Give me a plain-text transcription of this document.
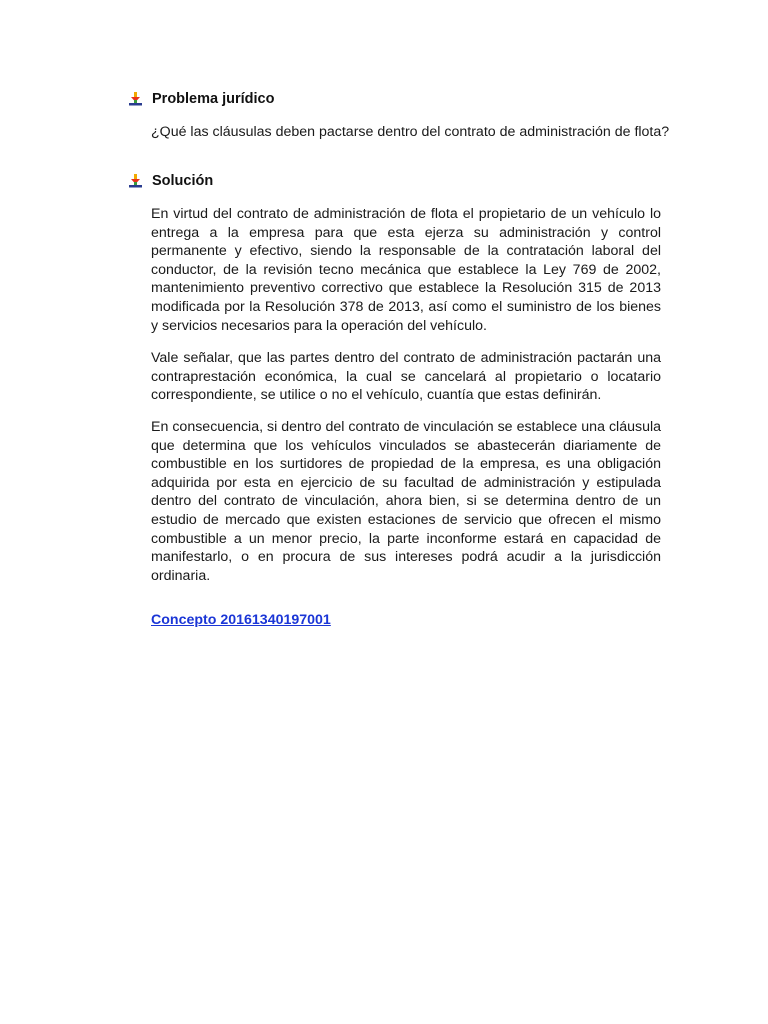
Problema jurídico

¿Qué las cláusulas deben pactarse dentro del contrato de administración de flota?

Solución

En virtud del contrato de administración de flota el propietario de un vehículo lo entrega a la empresa para que esta ejerza su administración y control permanente y efectivo, siendo la responsable de la contratación laboral del conductor, de la revisión tecno mecánica que establece la Ley 769 de 2002, mantenimiento preventivo correctivo que establece la Resolución 315 de 2013 modificada por la Resolución 378 de 2013, así como el suministro de los bienes y servicios necesarios para la operación del vehículo.

Vale señalar, que las partes dentro del contrato de administración pactarán una contraprestación económica, la cual se cancelará al propietario o locatario correspondiente, se utilice o no el vehículo, cuantía que estas definirán.

En consecuencia, si dentro del contrato de vinculación se establece una cláusula que determina que los vehículos vinculados se abastecerán diariamente de combustible en los surtidores de propiedad de la empresa, es una obligación adquirida por esta en ejercicio de su facultad de administración y estipulada dentro del contrato de vinculación, ahora bien, si se determina dentro de un estudio de mercado que existen estaciones de servicio que ofrecen el mismo combustible a un menor precio, la parte inconforme estará en capacidad de manifestarlo, o en procura de sus intereses podrá acudir a la jurisdicción ordinaria.

Concepto 20161340197001
